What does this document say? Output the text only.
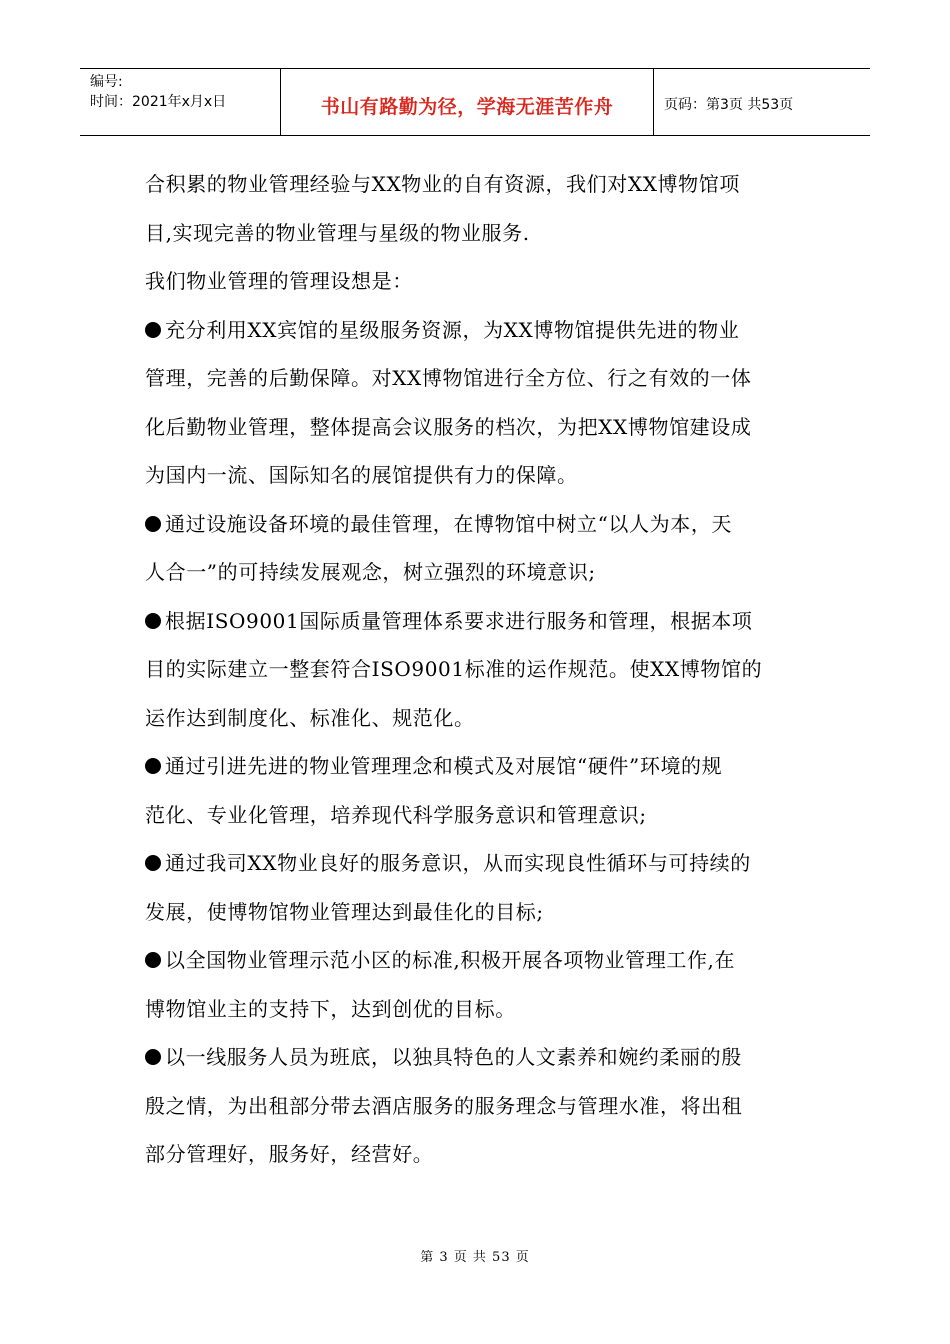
编号:
时间：2021年x月x日	书山有路勤为径，学海无涯苦作舟	页码：第3页 共53页

合积累的物业管理经验与XX物业的自有资源，我们对XX博物馆项

目,实现完善的物业管理与星级的物业服务.

我们物业管理的管理设想是：

充分利用XX宾馆的星级服务资源，为XX博物馆提供先进的物业

管理，完善的后勤保障。对XX博物馆进行全方位、行之有效的一体

化后勤物业管理，整体提高会议服务的档次，为把XX博物馆建设成

为国内一流、国际知名的展馆提供有力的保障。

通过设施设备环境的最佳管理，在博物馆中树立“以人为本，天

人合一”的可持续发展观念，树立强烈的环境意识;

根据ISO9001国际质量管理体系要求进行服务和管理，根据本项

目的实际建立一整套符合ISO9001标准的运作规范。使XX博物馆的

运作达到制度化、标准化、规范化。

通过引进先进的物业管理理念和模式及对展馆“硬件”环境的规

范化、专业化管理，培养现代科学服务意识和管理意识;

通过我司XX物业良好的服务意识，从而实现良性循环与可持续的

发展，使博物馆物业管理达到最佳化的目标;

以全国物业管理示范小区的标准,积极开展各项物业管理工作,在

博物馆业主的支持下，达到创优的目标。

以一线服务人员为班底，以独具特色的人文素养和婉约柔丽的殷

殷之情，为出租部分带去酒店服务的服务理念与管理水准，将出租

部分管理好，服务好，经营好。

第 3 页 共 53 页
